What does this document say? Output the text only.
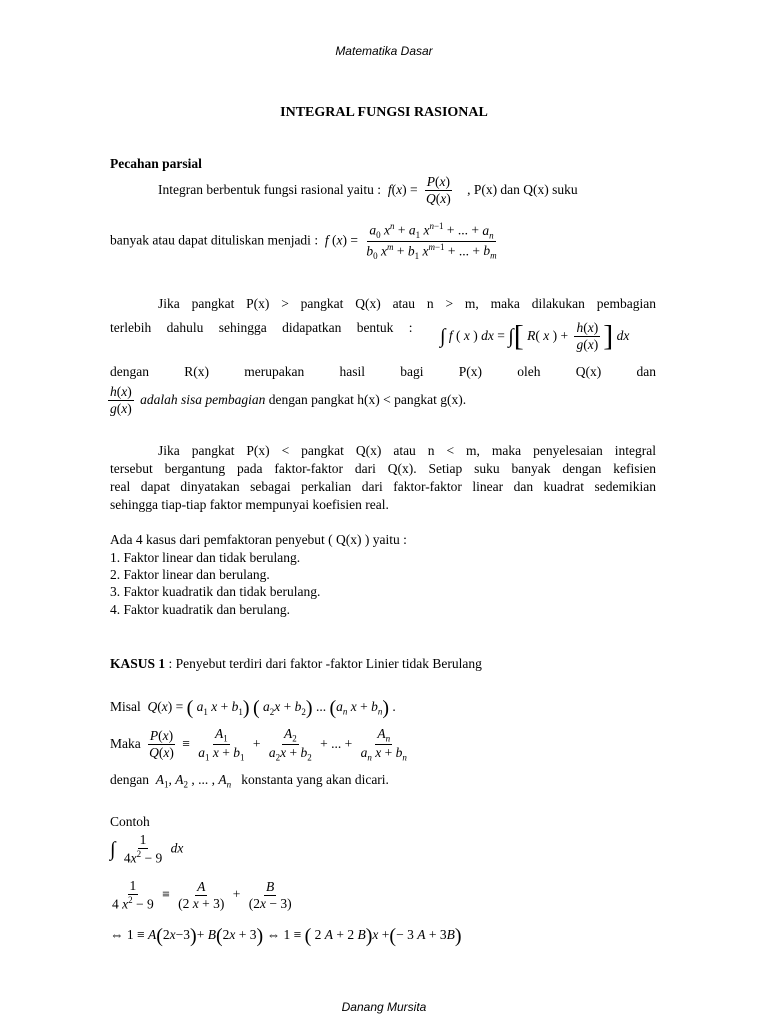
Matematika Dasar
INTEGRAL FUNGSI RASIONAL
Pecahan parsial
Integran berbentuk fungsi rasional yaitu :  $f(x) = \frac{P(x)}{Q(x)}$ , P(x) dan Q(x) suku
banyak atau dapat dituliskan menjadi :  f $(x) = \frac{a_0 x^n + a_1 x^{n-1} + ... + a_n}{b_0 x^m + b_1 x^{m-1} + ... + b_m}$
Jika pangkat P(x) > pangkat Q(x) atau n > m, maka dilakukan pembagian
terlebih dahulu sehingga didapatkan bentuk : ∫ f ( x ) dx = ∫[ R( x ) + $\frac{h(x)}{g(x)}$ ] dx
dengan	R(x)	merupakan	hasil	bagi	P(x)	oleh	Q(x)	dan
$\frac{h(x)}{g(x)}$ adalah sisa pembagian dengan pangkat h(x) < pangkat g(x).
Jika pangkat P(x) < pangkat Q(x) atau n < m, maka penyelesaian integral
tersebut bergantung pada faktor-faktor dari Q(x). Setiap suku banyak dengan kefisien
real dapat dinyatakan sebagai perkalian dari faktor-faktor linear dan kuadrat sedemikian
sehingga tiap-tiap faktor mempunyai koefisien real.
Ada 4 kasus dari pemfaktoran penyebut ( Q(x) ) yaitu :
1. Faktor linear dan tidak berulang.
2. Faktor linear dan berulang.
3. Faktor kuadratik dan tidak berulang.
4. Faktor kuadratik dan berulang.
KASUS 1 : Penyebut terdiri dari faktor -faktor Linier tidak Berulang
Misal  Q(x) = ( $a_1$ $x + b_1$) ( $a_2x + b_2$) ... ($a_n$ $x + b_n$) .
Maka $\frac{P(x)}{Q(x)} \equiv \frac{A_1}{a_1 x + b_1} + \frac{A_2}{a_2x + b_2}$ + ... + $\frac{A_n}{a_n x + b_n}$
dengan  $A_1$, $A_2$ , ... , $A_n$ konstanta yang akan dicari.
Contoh
∫ $\frac{1}{4x^2 - 9}$ dx
$\frac{1}{4 x^2 - 9} \equiv \frac{A}{(2 x + 3)} + \frac{B}{(2x - 3)}$
⇔ 1 ≡ A(2x−3)+ B(2x + 3) ⇔ 1 ≡ ( 2 A + 2 B)x +(− 3 A + 3B)
Danang Mursita
